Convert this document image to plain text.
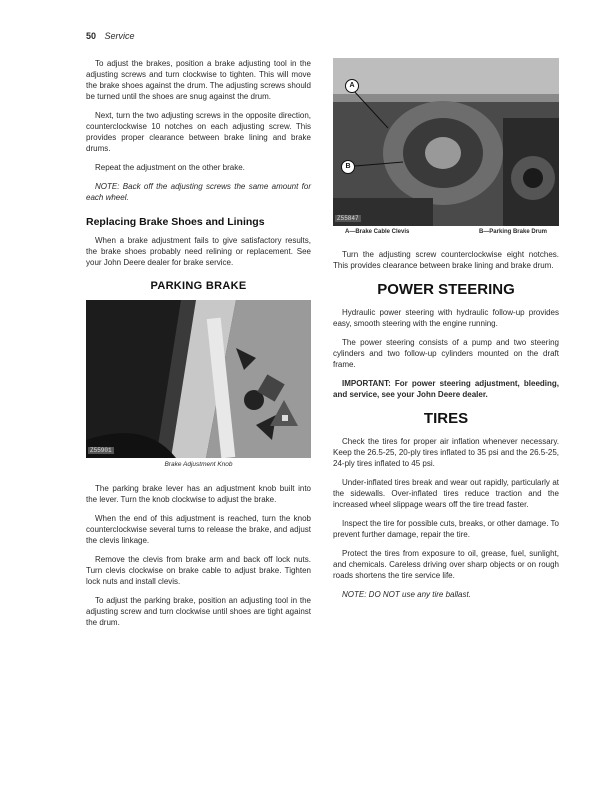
50 Service

To adjust the brakes, position a brake adjusting tool in the adjusting screws and turn clockwise to tighten. This will move the brake shoes against the drum. The adjusting screws should be turned until the shoes are snug against the drum.

Next, turn the two adjusting screws in the opposite direction, counterclockwise 10 notches on each adjusting screw. This provides proper clearance between brake lining and brake drums.

Repeat the adjustment on the other brake.

NOTE: Back off the adjusting screws the same amount for each wheel.

Replacing Brake Shoes and Linings

When a brake adjustment fails to give satisfactory results, the brake shoes probably need relining or replacement. See your John Deere dealer for brake service.

PARKING BRAKE
Z55901
Brake Adjustment Knob

The parking brake lever has an adjustment knob built into the lever. Turn the knob clockwise to adjust the brake.

When the end of this adjustment is reached, turn the knob counterclockwise several turns to release the brake, and adjust the clevis linkage.

Remove the clevis from brake arm and back off lock nuts. Turn clevis clockwise on brake cable to adjust brake. Tighten lock nuts and install clevis.

To adjust the parking brake, position an adjusting tool in the adjusting screw and turn clockwise until shoes are tight against the drum.

A
B
Z55847
A—Brake Cable Clevis	B—Parking Brake Drum

Turn the adjusting screw counterclockwise eight notches. This provides clearance between brake lining and brake drum.

POWER STEERING

Hydraulic power steering with hydraulic follow-up provides easy, smooth steering with the engine running.

The power steering consists of a pump and two steering cylinders and two follow-up cylinders mounted on the draft frame.

IMPORTANT: For power steering adjustment, bleeding, and service, see your John Deere dealer.

TIRES

Check the tires for proper air inflation whenever necessary. Keep the 26.5-25, 20-ply tires inflated to 35 psi and the 26.5-25, 24-ply tires inflated to 45 psi.

Under-inflated tires break and wear out rapidly, particularly at the sidewalls. Over-inflated tires reduce traction and the increased wheel slippage wears off the tire tread faster.

Inspect the tire for possible cuts, breaks, or other damage. To prevent further damage, repair the tire.

Protect the tires from exposure to oil, grease, fuel, sunlight, and chemicals. Careless driving over sharp objects or on rough roads shortens the tire service life.

NOTE: DO NOT use any tire ballast.
